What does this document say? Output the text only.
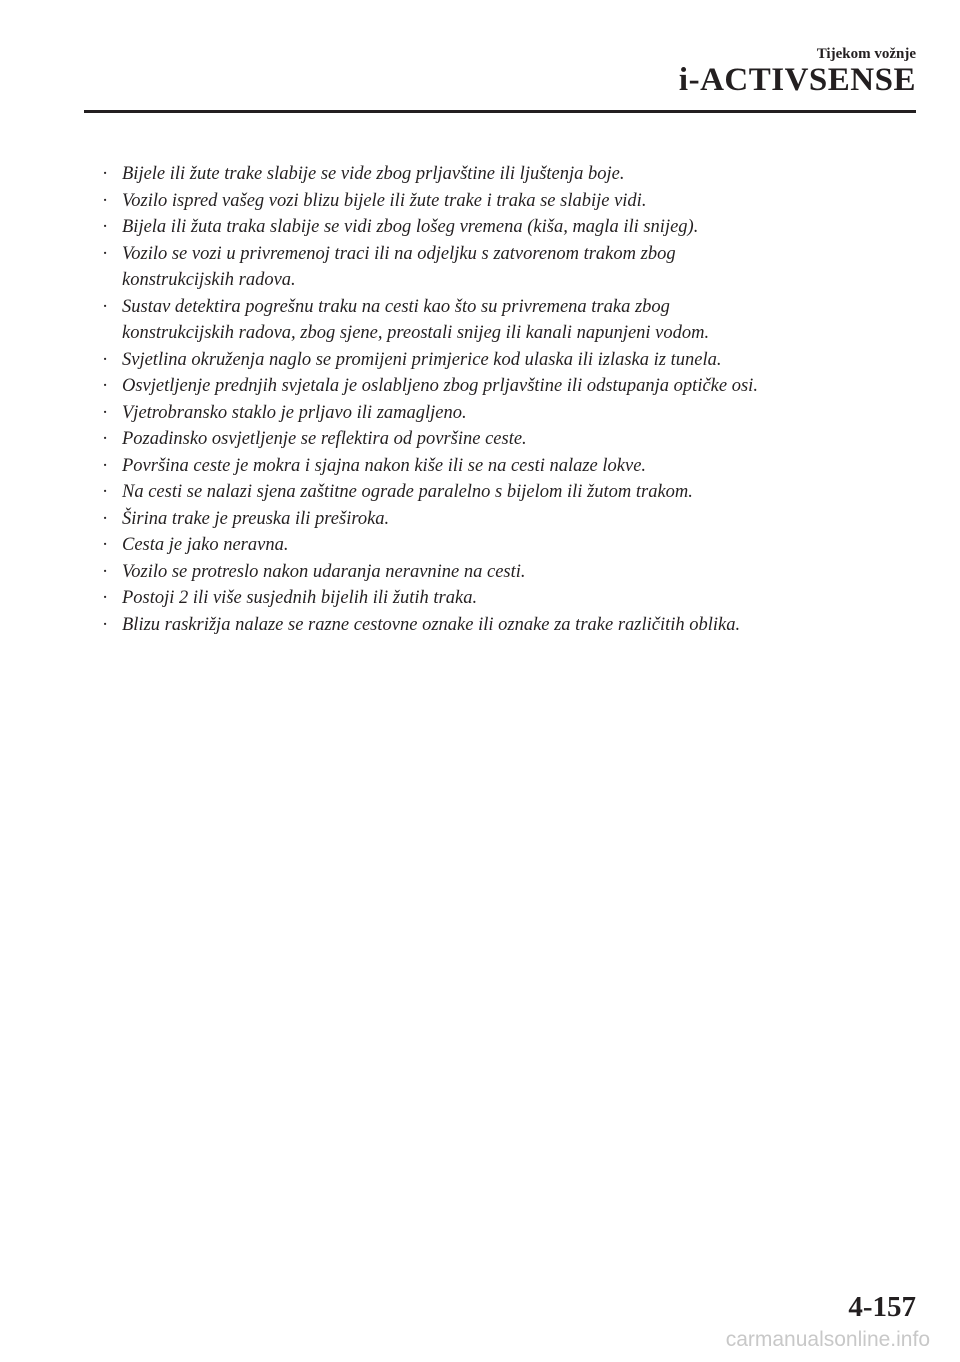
Tijekom vožnje
i-ACTIVSENSE
· Bijele ili žute trake slabije se vide zbog prljavštine ili ljuštenja boje.
· Vozilo ispred vašeg vozi blizu bijele ili žute trake i traka se slabije vidi.
· Bijela ili žuta traka slabije se vidi zbog lošeg vremena (kiša, magla ili snijeg).
· Vozilo se vozi u privremenoj traci ili na odjeljku s zatvorenom trakom zbog
konstrukcijskih radova.
· Sustav detektira pogrešnu traku na cesti kao što su privremena traka zbog
konstrukcijskih radova, zbog sjene, preostali snijeg ili kanali napunjeni vodom.
· Svjetlina okruženja naglo se promijeni primjerice kod ulaska ili izlaska iz tunela.
· Osvjetljenje prednjih svjetala je oslabljeno zbog prljavštine ili odstupanja optičke osi.
· Vjetrobransko staklo je prljavo ili zamagljeno.
· Pozadinsko osvjetljenje se reflektira od površine ceste.
· Površina ceste je mokra i sjajna nakon kiše ili se na cesti nalaze lokve.
· Na cesti se nalazi sjena zaštitne ograde paralelno s bijelom ili žutom trakom.
· Širina trake je preuska ili preširoka.
· Cesta je jako neravna.
· Vozilo se protreslo nakon udaranja neravnine na cesti.
· Postoji 2 ili više susjednih bijelih ili žutih traka.
· Blizu raskrižja nalaze se razne cestovne oznake ili oznake za trake različitih oblika.
4-157
carmanualsonline.info
